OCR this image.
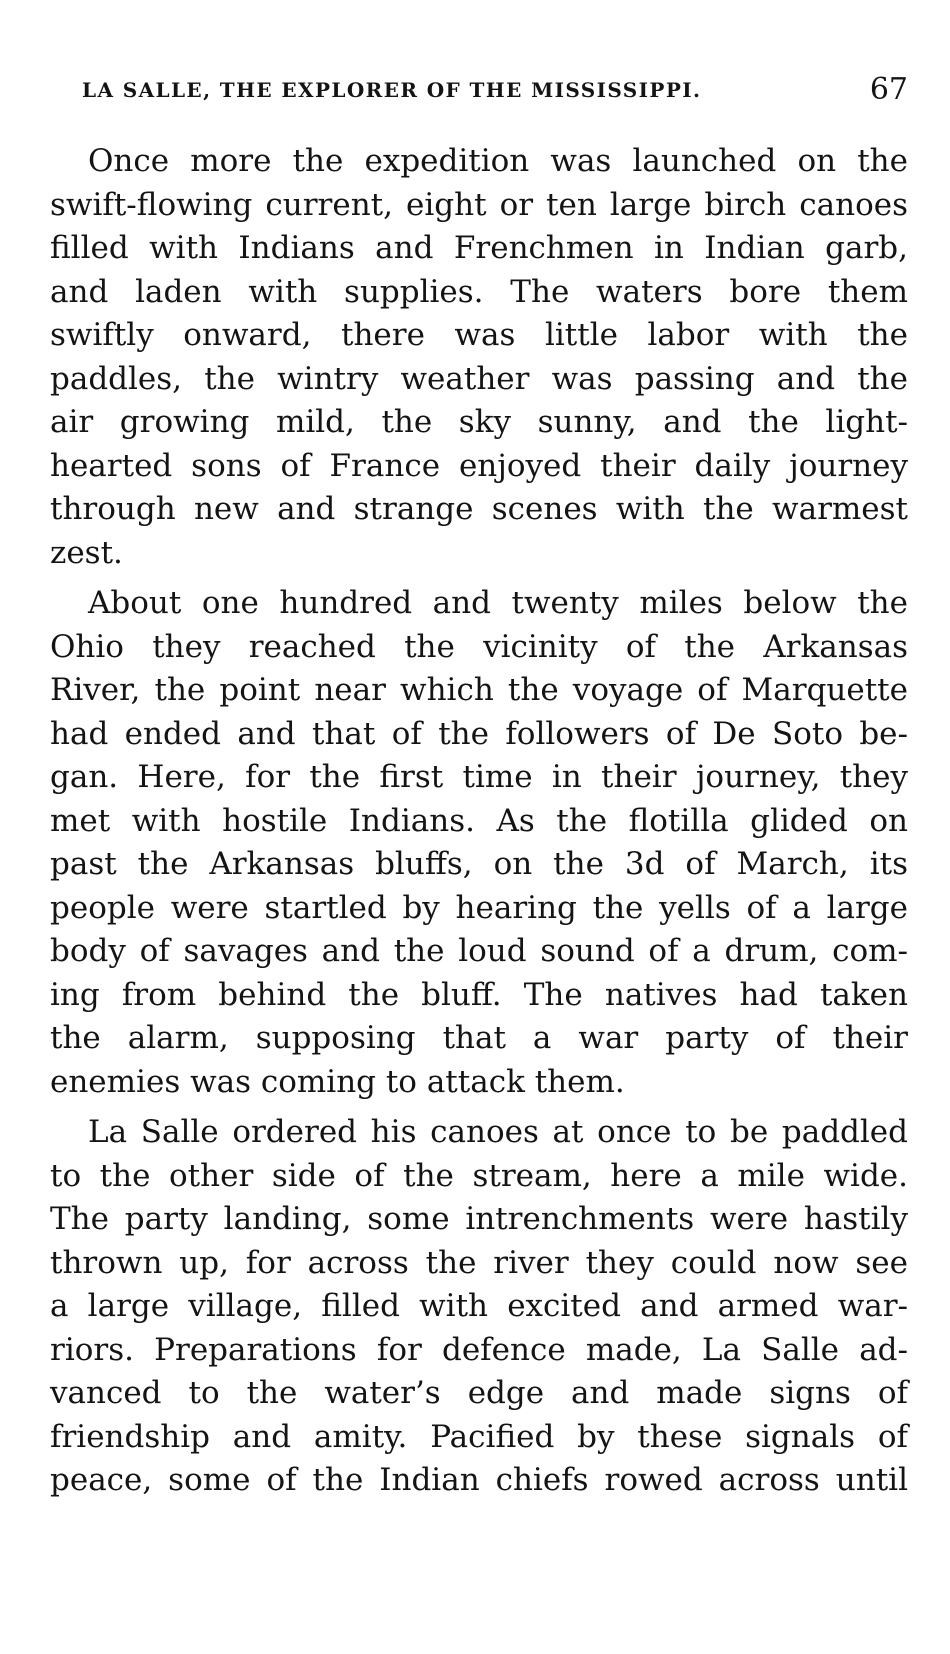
LA SALLE, THE EXPLORER OF THE MISSISSIPPI.	67
Once more the expedition was launched on the
swift-flowing current, eight or ten large birch canoes
filled with Indians and Frenchmen in Indian garb,
and laden with supplies. The waters bore them
swiftly onward, there was little labor with the
paddles, the wintry weather was passing and the
air growing mild, the sky sunny, and the light-
hearted sons of France enjoyed their daily journey
through new and strange scenes with the warmest
zest.
About one hundred and twenty miles below the
Ohio they reached the vicinity of the Arkansas
River, the point near which the voyage of Marquette
had ended and that of the followers of De Soto be-
gan. Here, for the first time in their journey, they
met with hostile Indians. As the flotilla glided on
past the Arkansas bluffs, on the 3d of March, its
people were startled by hearing the yells of a large
body of savages and the loud sound of a drum, com-
ing from behind the bluff. The natives had taken
the alarm, supposing that a war party of their
enemies was coming to attack them.
La Salle ordered his canoes at once to be paddled
to the other side of the stream, here a mile wide.
The party landing, some intrenchments were hastily
thrown up, for across the river they could now see
a large village, filled with excited and armed war-
riors. Preparations for defence made, La Salle ad-
vanced to the water’s edge and made signs of
friendship and amity. Pacified by these signals of
peace, some of the Indian chiefs rowed across until
